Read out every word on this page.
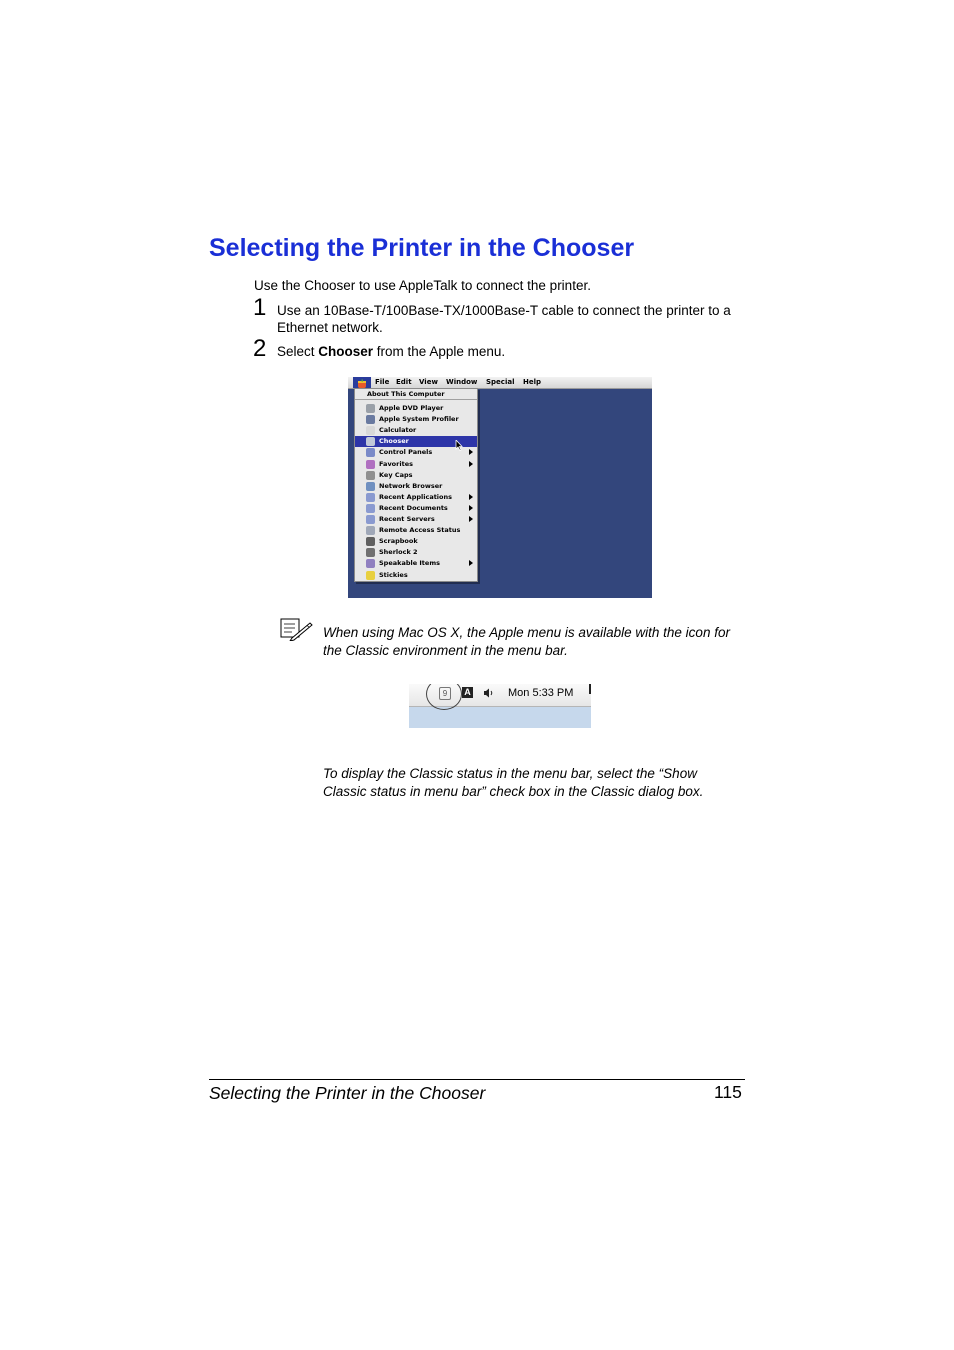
Selecting the Printer in the Chooser
Use the Chooser to use AppleTalk to connect the printer.
1 Use an 10Base-T/100Base-TX/1000Base-T cable to connect the printer to a Ethernet network.
2 Select Chooser from the Apple menu.
File Edit View Window Special Help
About This Computer
Apple DVD Player
Apple System Profiler
Calculator
Chooser
Control Panels
Favorites
Key Caps
Network Browser
Recent Applications
Recent Documents
Recent Servers
Remote Access Status
Scrapbook
Sherlock 2
Speakable Items
Stickies
When using Mac OS X, the Apple menu is available with the icon for the Classic environment in the menu bar.
9	A	Mon 5:33 PM
To display the Classic status in the menu bar, select the “Show Classic status in menu bar” check box in the Classic dialog box.
Selecting the Printer in the Chooser	115
